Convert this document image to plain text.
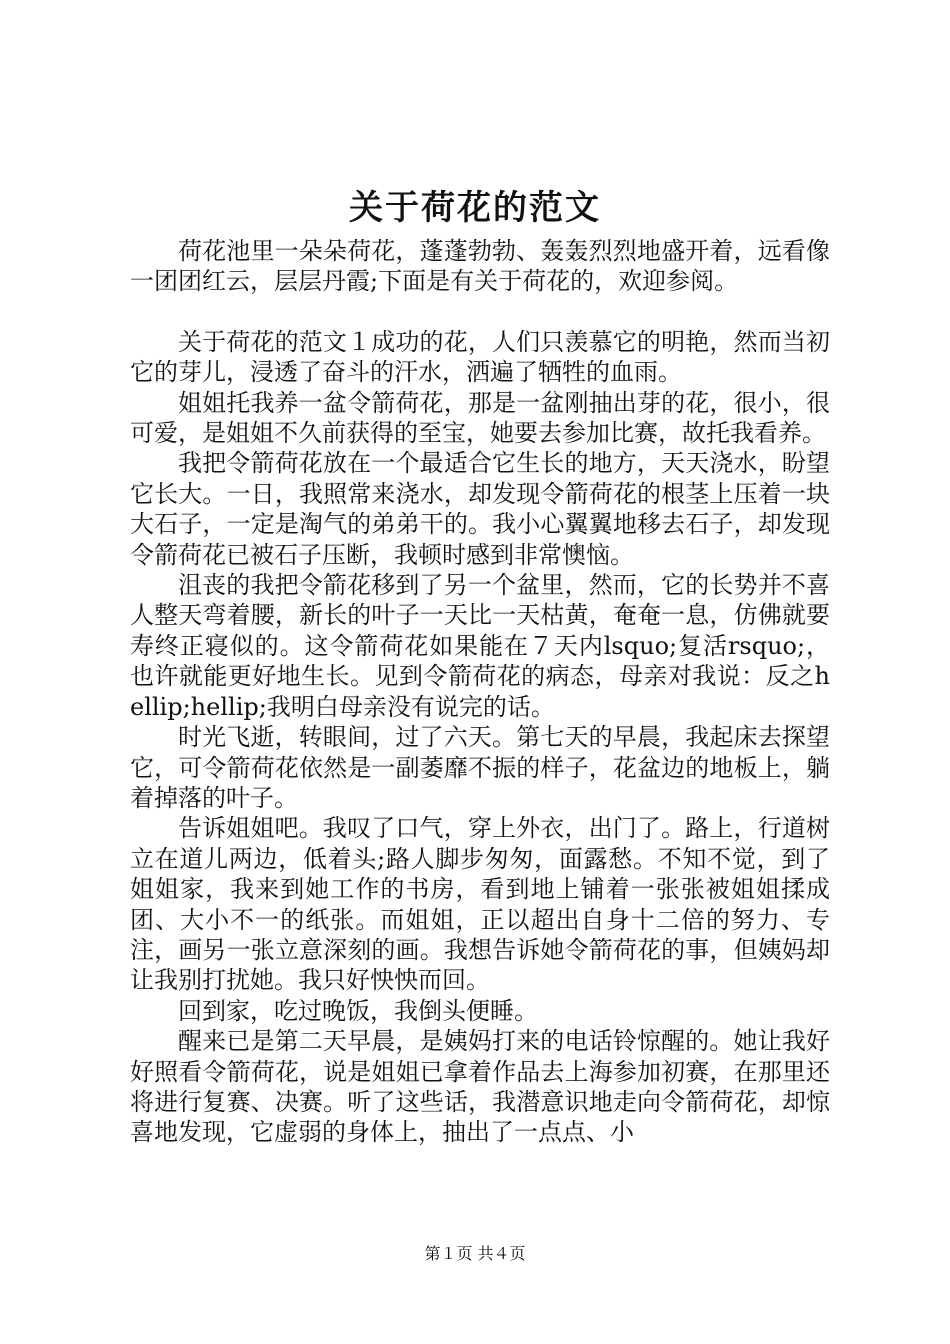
关于荷花的范文

荷花池里一朵朵荷花，蓬蓬勃勃、轰轰烈烈地盛开着，远看像一团团红云，层层丹霞;下面是有关于荷花的，欢迎参阅。

关于荷花的范文１成功的花，人们只羡慕它的明艳，然而当初它的芽儿，浸透了奋斗的汗水，洒遍了牺牲的血雨。

姐姐托我养一盆令箭荷花，那是一盆刚抽出芽的花，很小，很可爱，是姐姐不久前获得的至宝，她要去参加比赛，故托我看养。

我把令箭荷花放在一个最适合它生长的地方，天天浇水，盼望它长大。一日，我照常来浇水，却发现令箭荷花的根茎上压着一块大石子，一定是淘气的弟弟干的。我小心翼翼地移去石子，却发现令箭荷花已被石子压断，我顿时感到非常懊恼。

沮丧的我把令箭花移到了另一个盆里，然而，它的长势并不喜人整天弯着腰，新长的叶子一天比一天枯黄，奄奄一息，仿佛就要寿终正寝似的。这令箭荷花如果能在７天内lsquo;复活rsquo;，也许就能更好地生长。见到令箭荷花的病态，母亲对我说：反之hellip;hellip;我明白母亲没有说完的话。

时光飞逝，转眼间，过了六天。第七天的早晨，我起床去探望它，可令箭荷花依然是一副萎靡不振的样子，花盆边的地板上，躺着掉落的叶子。

告诉姐姐吧。我叹了口气，穿上外衣，出门了。路上，行道树立在道儿两边，低着头;路人脚步匆匆，面露愁。不知不觉，到了姐姐家，我来到她工作的书房，看到地上铺着一张张被姐姐揉成团、大小不一的纸张。而姐姐，正以超出自身十二倍的努力、专注，画另一张立意深刻的画。我想告诉她令箭荷花的事，但姨妈却让我别打扰她。我只好怏怏而回。

回到家，吃过晚饭，我倒头便睡。

醒来已是第二天早晨，是姨妈打来的电话铃惊醒的。她让我好好照看令箭荷花，说是姐姐已拿着作品去上海参加初赛，在那里还将进行复赛、决赛。听了这些话，我潜意识地走向令箭荷花，却惊喜地发现，它虚弱的身体上，抽出了一点点、小

第１页 共４页
